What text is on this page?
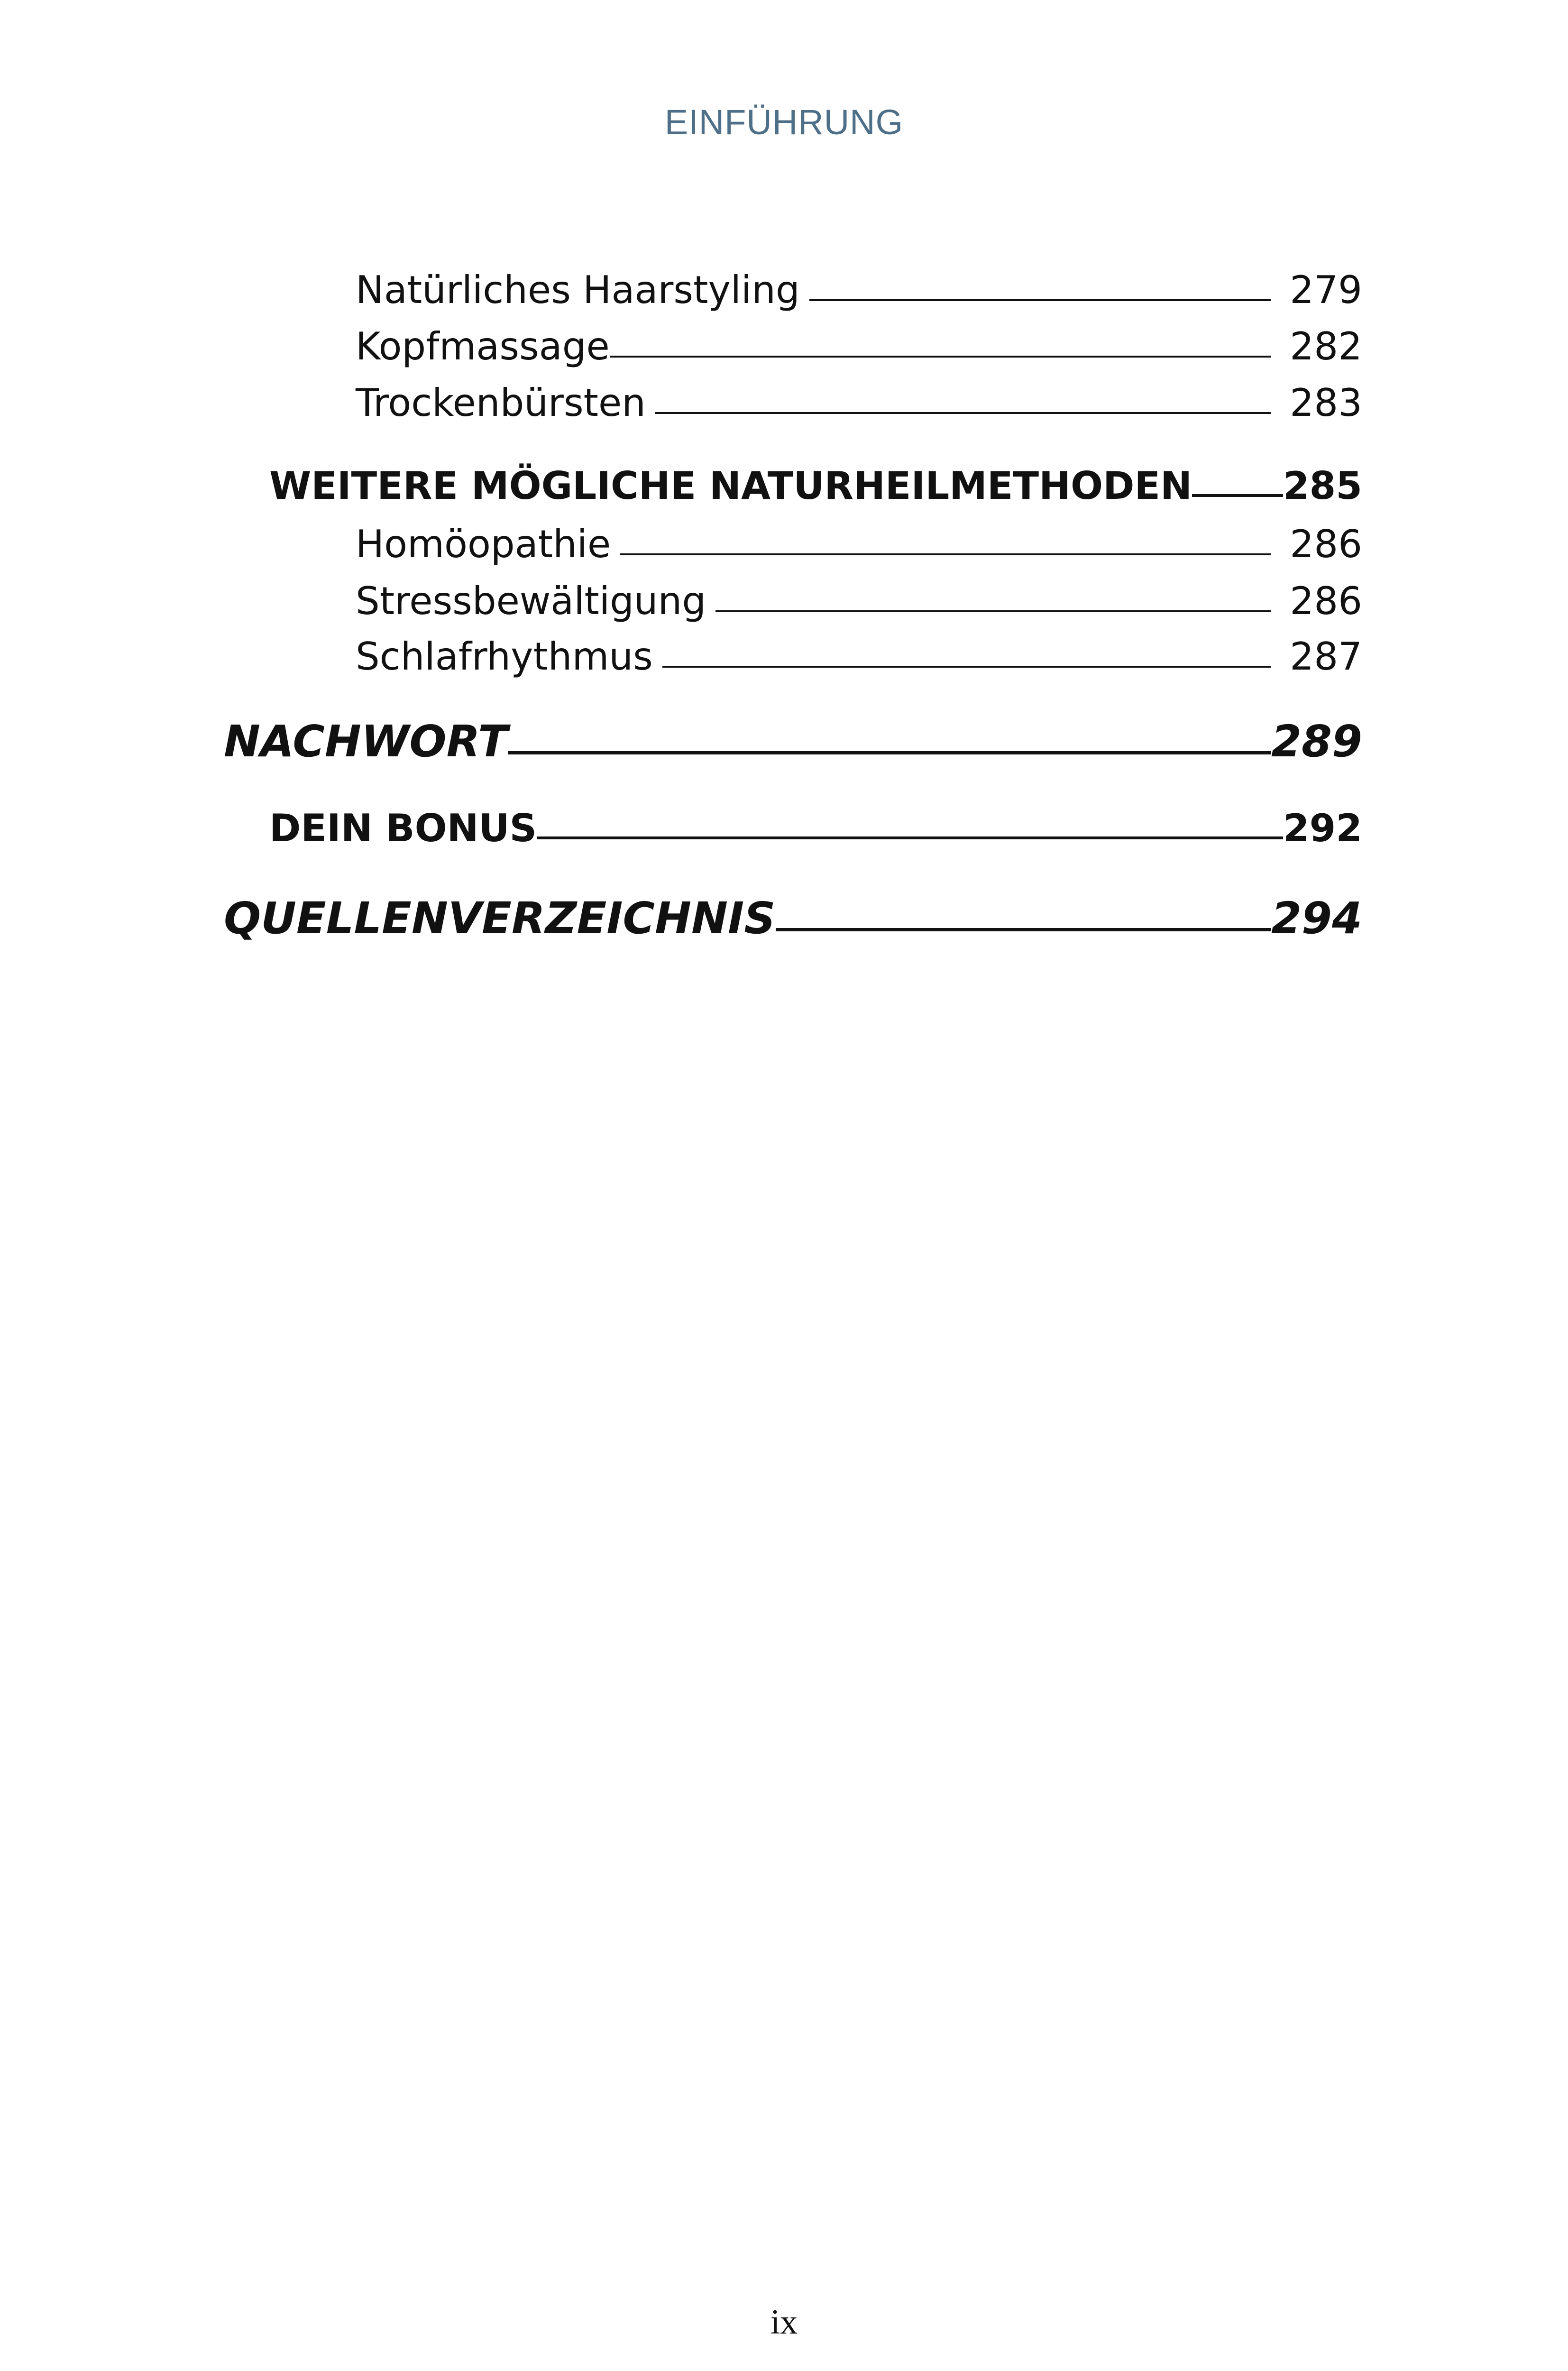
EINFÜHRUNG
Natürliches Haarstyling	279
Kopfmassage	282
Trockenbürsten	283
WEITERE MÖGLICHE NATURHEILMETHODEN 285
Homöopathie	286
Stressbewältigung	286
Schlafrhythmus	287
NACHWORT	289
DEIN BONUS	292
QUELLENVERZEICHNIS	294
ix
